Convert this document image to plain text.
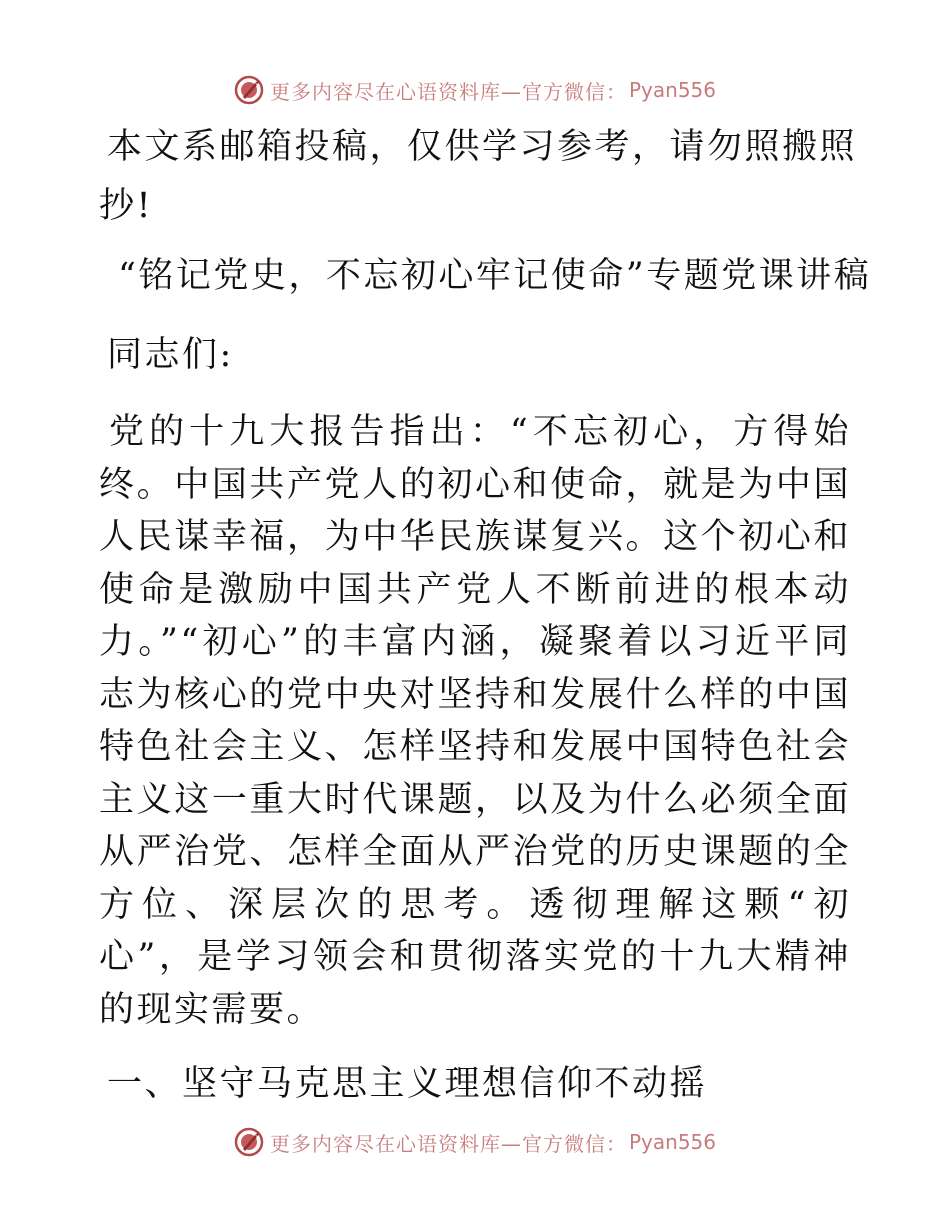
更多内容尽在心语资料库—官方微信： Pyan556
本文系邮箱投稿，仅供学习参考，请勿照搬照
抄!
“铭记党史，不忘初心牢记使命”专题党课讲稿
同志们:
党的十九大报告指出：“不忘初心，方得始终。中国共产党人的初心和使命，就是为中国人民谋幸福，为中华民族谋复兴。这个初心和使命是激励中国共产党人不断前进的根本动力。”“初心”的丰富内涵，凝聚着以习近平同志为核心的党中央对坚持和发展什么样的中国特色社会主义、怎样坚持和发展中国特色社会主义这一重大时代课题，以及为什么必须全面从严治党、怎样全面从严治党的历史课题的全方位、深层次的思考。透彻理解这颗“初心”，是学习领会和贯彻落实党的十九大精神的现实需要。
一、坚守马克思主义理想信仰不动摇
更多内容尽在心语资料库—官方微信： Pyan556
